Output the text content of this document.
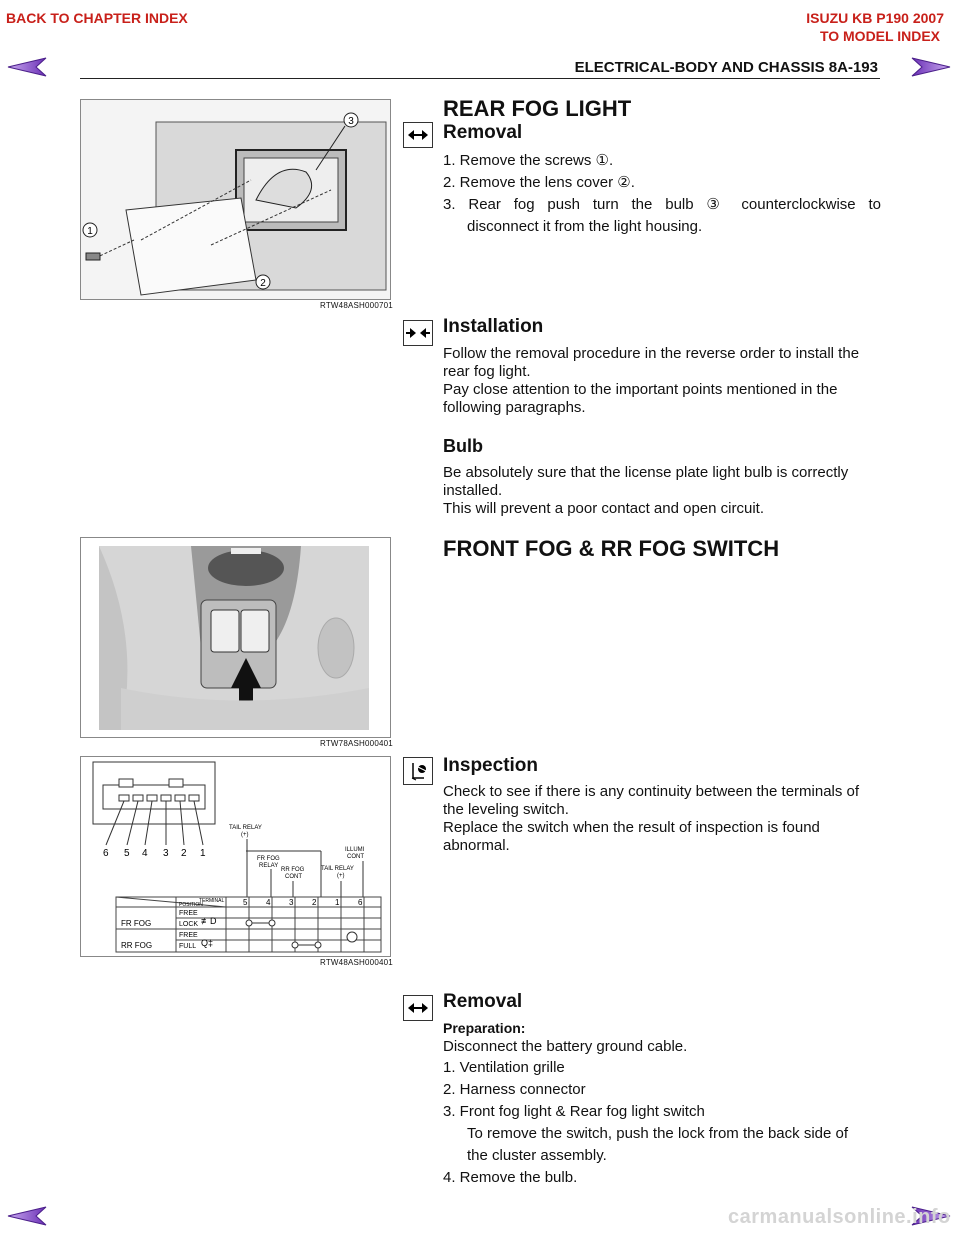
BACK TO CHAPTER INDEX	ISUZU KB P190 2007
TO MODEL INDEX
ELECTRICAL-BODY AND CHASSIS 8A-193
1
2
3
RTW48ASH000701
REAR FOG LIGHT
Removal
1. Remove the screws ①.
2. Remove the lens cover ②.
3. Rear fog push turn the bulb ③ counterclockwise to
disconnect it from the light housing.
Installation

Follow the removal procedure in the reverse order to install the rear fog light.

Pay close attention to the important points mentioned in the following paragraphs.

Bulb

Be absolutely sure that the license plate light bulb is correctly installed.

This will prevent a poor contact and open circuit.

RTW78ASH000401
FRONT FOG & RR FOG SWITCH
6 5 4 3 2 1
TAIL RELAY
(+)
FR FOG
RELAY
RR FOG
CONT
ILLUMI
CONT
TAIL RELAY
(+)
TERMINAL
POSITION	5 4 3 2 1 6
FR FOG
RR FOG
≢D
Q‡
FREE
LOCK
FREE
FULL
RTW48ASH000401
Inspection

Check to see if there is any continuity between the terminals of the leveling switch.

Replace the switch when the result of inspection is found abnormal.

Removal
Preparation:
Disconnect the battery ground cable.
1. Ventilation grille
2. Harness connector
3. Front fog light & Rear fog light switch
To remove the switch, push the lock from the back side of
the cluster assembly.
4. Remove the bulb.
carmanualsonline.info
